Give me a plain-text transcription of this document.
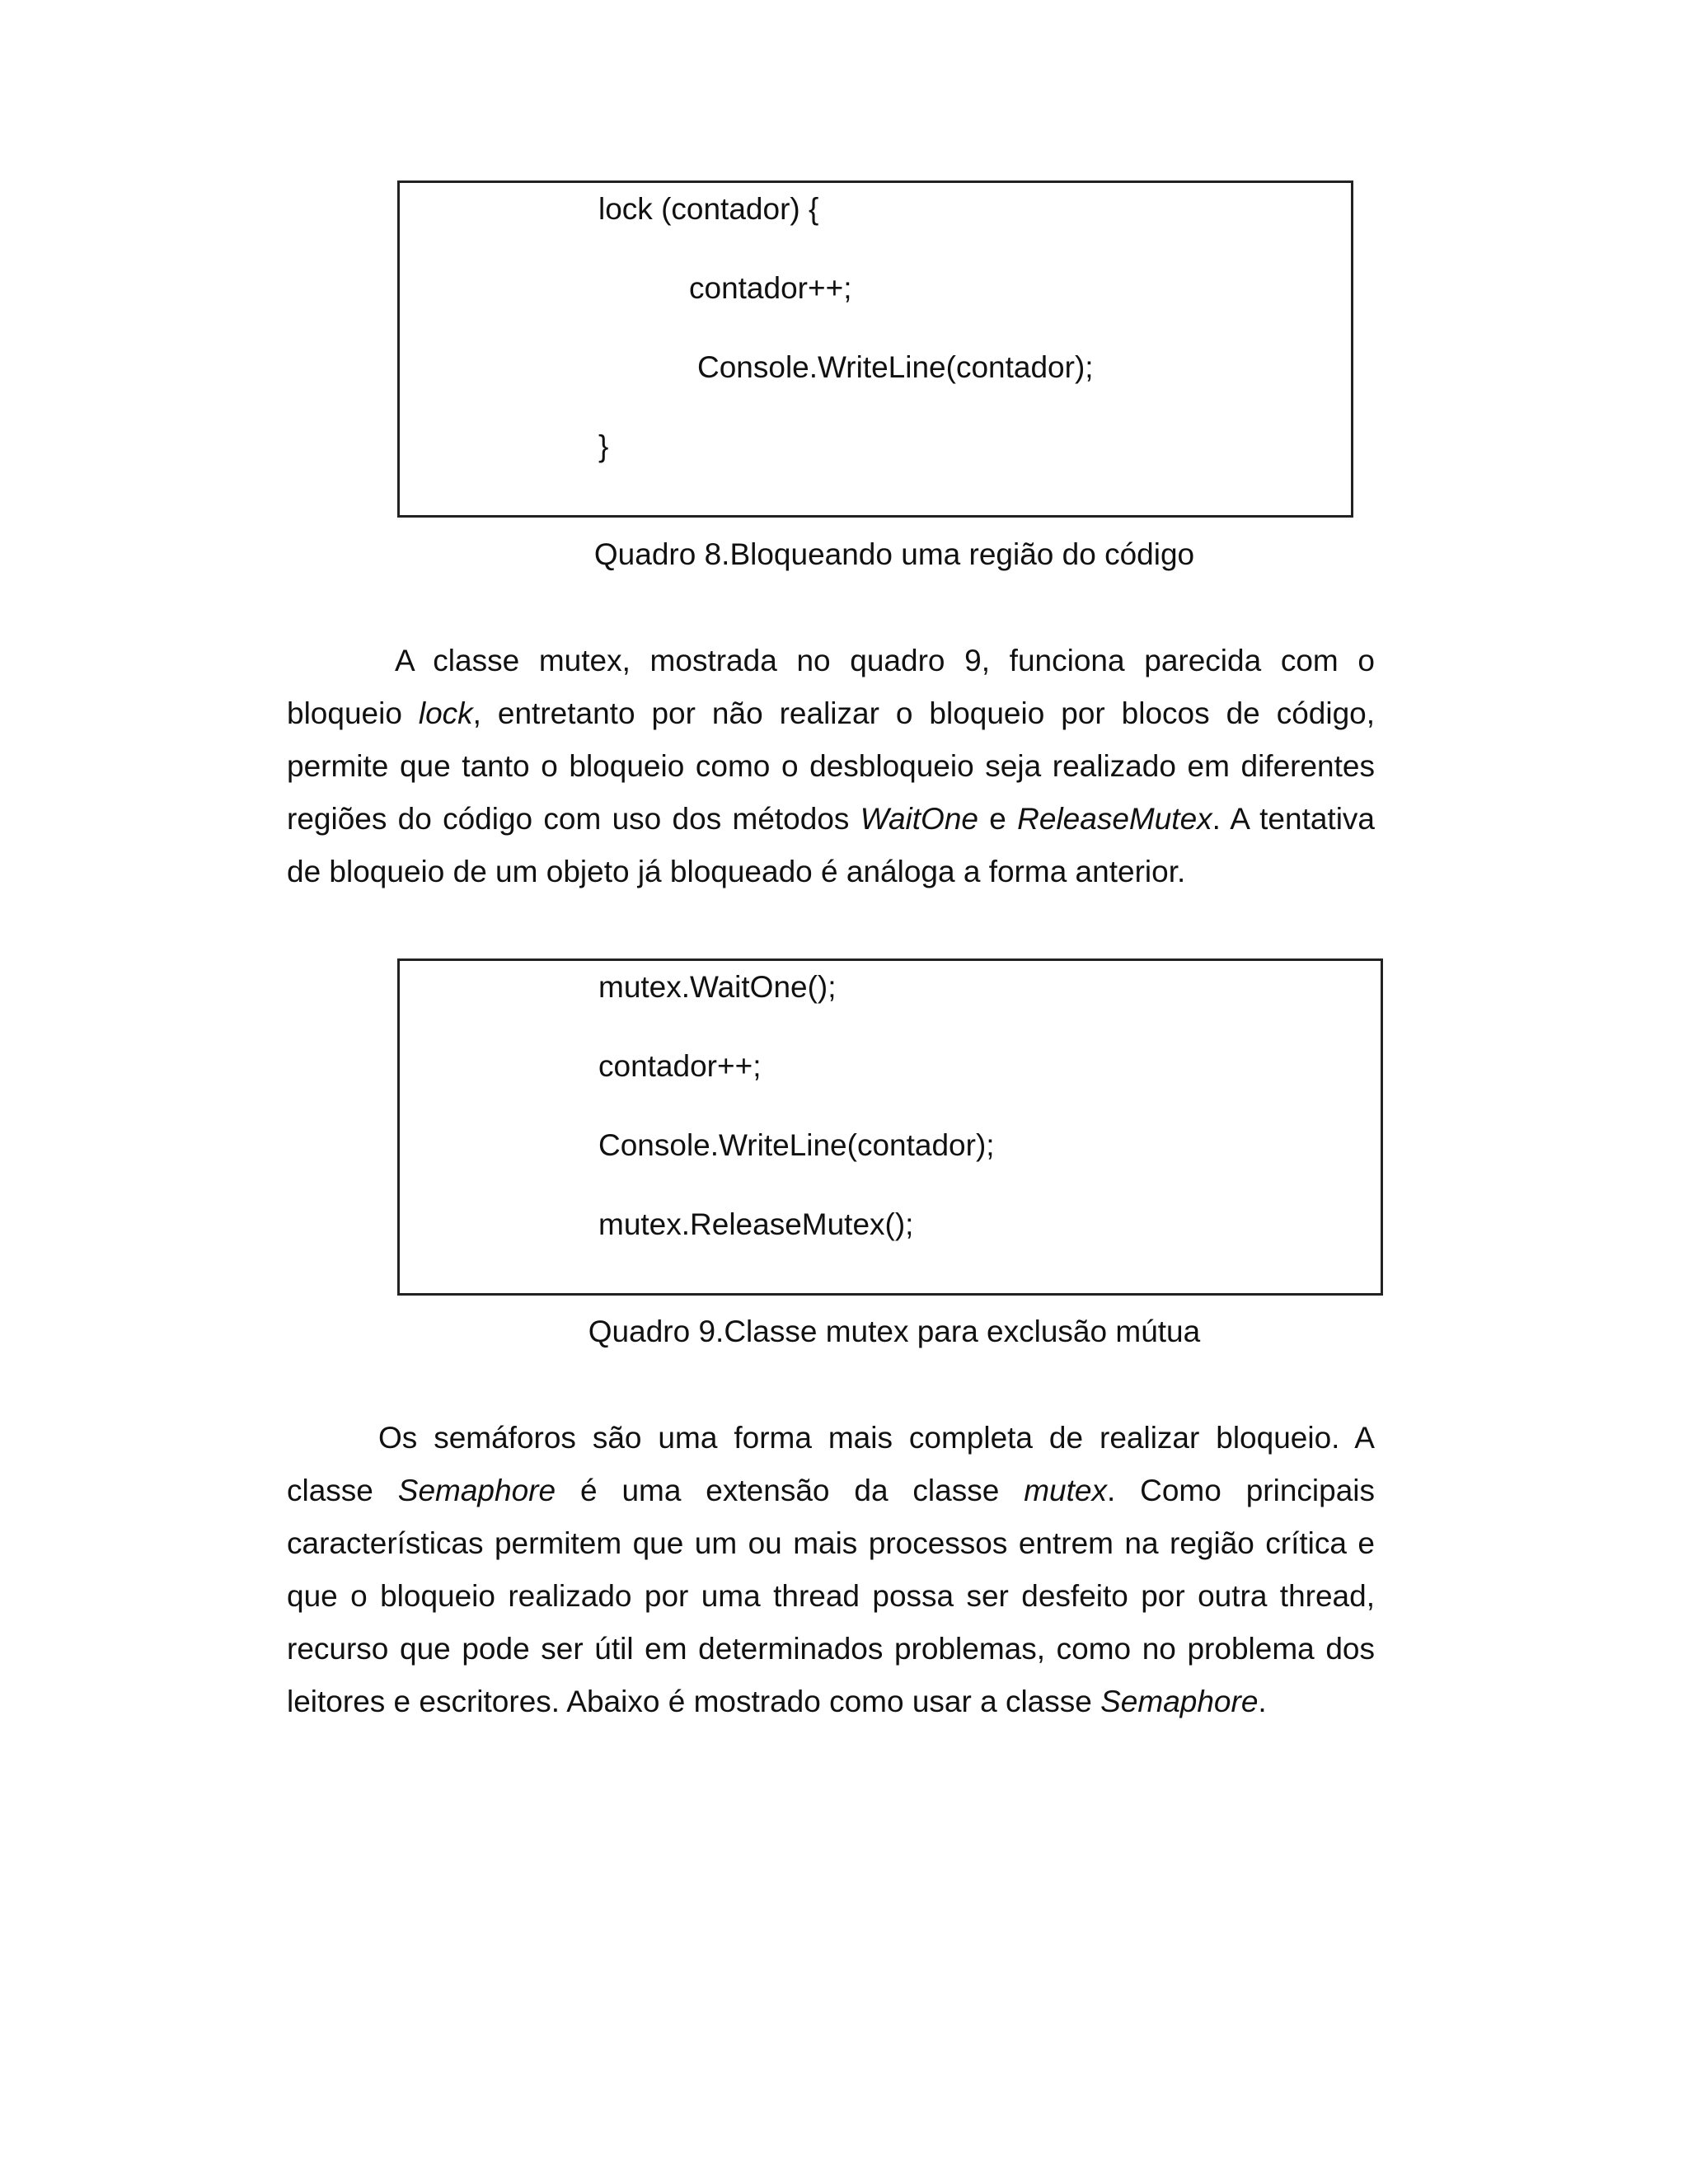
lock (contador) {
contador++;
Console.WriteLine(contador);
}
Quadro 8.Bloqueando uma região do código
A classe mutex, mostrada no quadro 9, funciona parecida com o
bloqueio lock, entretanto por não realizar o bloqueio por blocos de código,
permite que tanto o bloqueio como o desbloqueio seja realizado em diferentes
regiões do código com uso dos métodos WaitOne e ReleaseMutex. A tentativa
de bloqueio de um objeto já bloqueado é análoga a forma anterior.
mutex.WaitOne();
contador++;
Console.WriteLine(contador);
mutex.ReleaseMutex();
Quadro 9.Classe mutex para exclusão mútua
Os semáforos são uma forma mais completa de realizar bloqueio. A
classe Semaphore é uma extensão da classe mutex. Como principais
características permitem que um ou mais processos entrem na região crítica e
que o bloqueio realizado por uma thread possa ser desfeito por outra thread,
recurso que pode ser útil em determinados problemas, como no problema dos
leitores e escritores. Abaixo é mostrado como usar a classe Semaphore.
